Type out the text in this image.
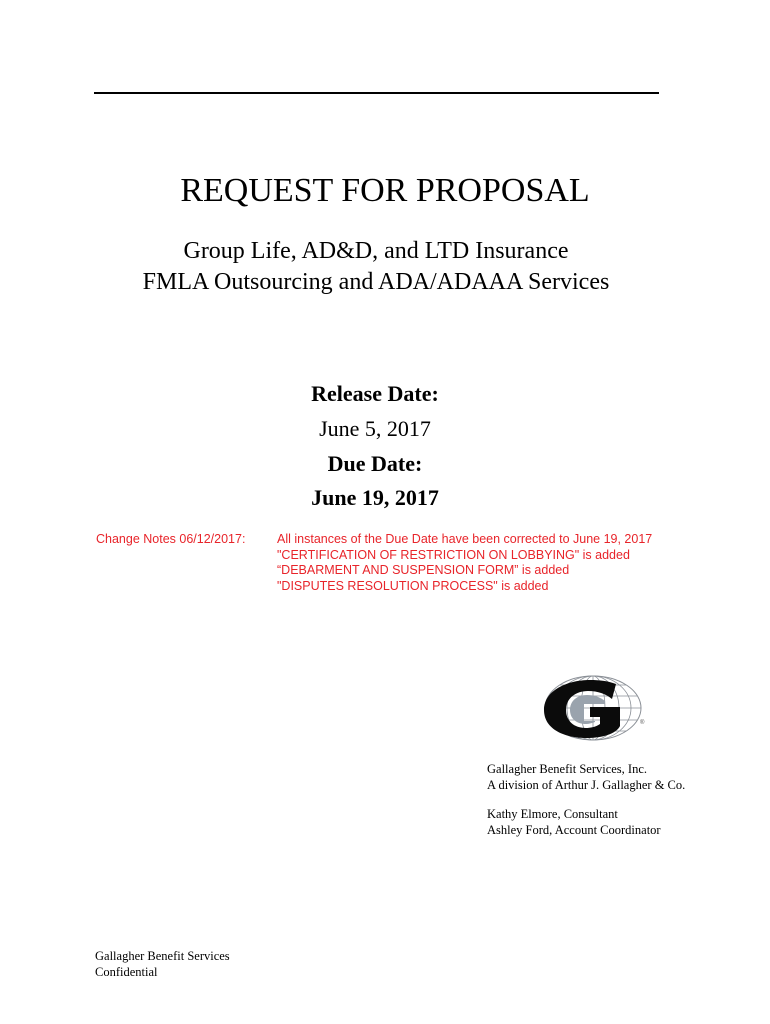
REQUEST FOR PROPOSAL
Group Life, AD&D, and LTD Insurance
FMLA Outsourcing and ADA/ADAAA Services
Release Date:
June 5, 2017
Due Date:
June 19, 2017
Change Notes 06/12/2017:	All instances of the Due Date have been corrected to June 19, 2017
"CERTIFICATION OF RESTRICTION ON LOBBYING" is added
“DEBARMENT AND SUSPENSION FORM” is added
"DISPUTES RESOLUTION PROCESS" is added
®
Gallagher Benefit Services, Inc.
A division of Arthur J. Gallagher & Co.
Kathy Elmore, Consultant
Ashley Ford, Account Coordinator
Gallagher Benefit Services
Confidential
